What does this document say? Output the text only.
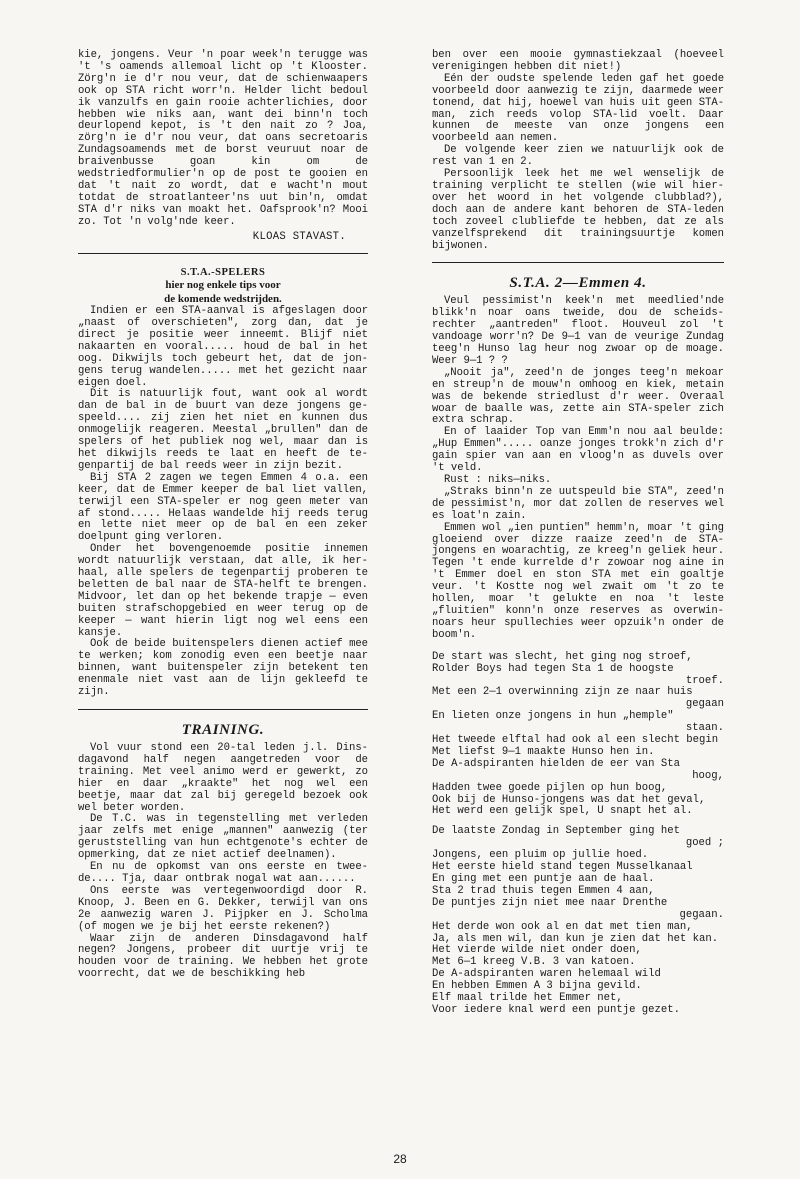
kie, jongens. Veur 'n poar week'n terugge was 't 's oamends allemoal licht op 't Klooster. Zörg'n ie d'r nou veur, dat de schienwaapers ook op STA richt worr'n. Helder licht bedoul ik vanzulfs en gain rooie achterlichies, door hebben wie niks aan, want dei binn'n toch deurlopend kepot, is 't den nait zo ? Joa, zörg'n ie d'r nou veur, dat oans secretoaris Zundagsoamends met de borst veuruut noar de braivenbusse goan kin om de wedstriedformulier'n op de post te gooien en dat 't nait zo wordt, dat e wacht'n mout totdat de stroatlanteer'ns uut bin'n, omdat STA d'r niks van moakt het. Oafsprook'n? Mooi zo. Tot 'n volg'nde keer.

KLOAS STAVAST.
S.T.A.-SPELERS
hier nog enkele tips voor
de komende wedstrijden.

Indien er een STA-aanval is afgeslagen door „naast of overschieten", zorg dan, dat je direct je positie weer inneemt. Blijf niet nakaarten en vooral..... houd de bal in het oog. Dikwijls toch gebeurt het, dat de jongens terug wandelen..... met het gezicht naar eigen doel.

Dit is natuurlijk fout, want ook al wordt dan de bal in de buurt van deze jongens gespeeld.... zij zien het niet en kunnen dus onmogelijk reageren. Meestal „brullen" dan de spelers of het publiek nog wel, maar dan is het dikwijls reeds te laat en heeft de tegenpartij de bal reeds weer in zijn bezit.

Bij STA 2 zagen we tegen Emmen 4 o.a. een keer, dat de Emmer keeper de bal liet vallen, terwijl een STA-speler er nog geen meter van af stond..... Helaas wandelde hij reeds terug en lette niet meer op de bal en een zeker doelpunt ging verloren.

Onder het bovengenoemde positie innemen wordt natuurlijk verstaan, dat alle, ik herhaal, alle spelers de tegenpartij proberen te beletten de bal naar de STA-helft te brengen. Midvoor, let dan op het bekende trapje — even buiten strafschopgebied en weer terug op de keeper — want hierin ligt nog wel eens een kansje.

Ook de beide buitenspelers dienen actief mee te werken; kom zonodig even een beetje naar binnen, want buitenspeler zijn betekent ten enenmale niet vast aan de lijn gekleefd te zijn.

TRAINING.

Vol vuur stond een 20-tal leden j.l. Dinsdagavond half negen aangetreden voor de training. Met veel animo werd er gewerkt, zo hier en daar „kraakte" het nog wel een beetje, maar dat zal bij geregeld bezoek ook wel beter worden.

De T.C. was in tegenstelling met verleden jaar zelfs met enige „mannen" aanwezig (ter geruststelling van hun echtgenote's echter de opmerking, dat ze niet actief deelnamen).

En nu de opkomst van ons eerste en tweede.... Tja, daar ontbrak nogal wat aan......

Ons eerste was vertegenwoordigd door R. Knoop, J. Been en G. Dekker, terwijl van ons 2e aanwezig waren J. Pijpker en J. Scholma (of mogen we je bij het eerste rekenen?)

Waar zijn de anderen Dinsdagavond half negen? Jongens, probeer dit uurtje vrij te houden voor de training. We hebben het grote voorrecht, dat we de beschikking heb

ben over een mooie gymnastiekzaal (hoeveel verenigingen hebben dit niet!)

Eén der oudste spelende leden gaf het goede voorbeeld door aanwezig te zijn, daarmede weer tonend, dat hij, hoewel van huis uit geen STA-man, zich reeds volop STA-lid voelt. Daar kunnen de meeste van onze jongens een voorbeeld aan nemen.

De volgende keer zien we natuurlijk ook de rest van 1 en 2.

Persoonlijk leek het me wel wenselijk de training verplicht te stellen (wie wil hierover het woord in het volgende clubblad?), doch aan de andere kant behoren de STA-leden toch zoveel clubliefde te hebben, dat ze als vanzelfsprekend dit trainingsuurtje komen bijwonen.

S.T.A. 2—Emmen 4.

Veul pessimist'n keek'n met meedlied'nde blikk'n noar oans tweide, dou de scheidsrechter „aantreden" floot. Houveul zol 't vandoage worr'n? De 9—1 van de veurige Zundag teeg'n Hunso lag heur nog zwoar op de moage. Weer 9—1 ? ?

„Nooit ja", zeed'n de jonges teeg'n mekoar en streup'n de mouw'n omhoog en kiek, metain was de bekende striedlust d'r weer. Overaal woar de baalle was, zette ain STA-speler zich extra schrap.

En of laaider Top van Emm'n nou aal beulde: „Hup Emmen"..... oanze jonges trokk'n zich d'r gain spier van aan en vloog'n as duvels over 't veld.

Rust : niks—niks.

„Straks binn'n ze uutspeuld bie STA", zeed'n de pessimist'n, mor dat zollen de reserves wel es loat'n zain.

Emmen wol „ien puntien" hemm'n, moar 't ging gloeiend over dizze raaize zeed'n de STA-jongens en woarachtig, ze kreeg'n geliek heur. Tegen 't ende kurrelde d'r zowoar nog aine in 't Emmer doel en ston STA met ein goaltje veur. 't Kostte nog wel zwait om 't zo te hollen, moar 't gelukte en noa 't leste „fluitien" konn'n onze reserves as overwinnoars heur spullechies weer opzuik'n onder de boom'n.

De start was slecht, het ging nog stroef,
Rolder Boys had tegen Sta 1 de hoogste
troef.
Met een 2—1 overwinning zijn ze naar huis
gegaan
En lieten onze jongens in hun „hemple"
staan.
Het tweede elftal had ook al een slecht begin
Met liefst 9—1 maakte Hunso hen in.
De A-adspiranten hielden de eer van Sta
hoog,
Hadden twee goede pijlen op hun boog,
Ook bij de Hunso-jongens was dat het geval,
Het werd een gelijk spel, U snapt het al.
De laatste Zondag in September ging het
goed ;
Jongens, een pluim op jullie hoed.
Het eerste hield stand tegen Musselkanaal
En ging met een puntje aan de haal.
Sta 2 trad thuis tegen Emmen 4 aan,
De puntjes zijn niet mee naar Drenthe
gegaan.
Het derde won ook al en dat met tien man,
Ja, als men wil, dan kun je zien dat het kan.
Het vierde wilde niet onder doen,
Met 6—1 kreeg V.B. 3 van katoen.
De A-adspiranten waren helemaal wild
En hebben Emmen A 3 bijna gevild.
Elf maal trilde het Emmer net,
Voor iedere knal werd een puntje gezet.
28
